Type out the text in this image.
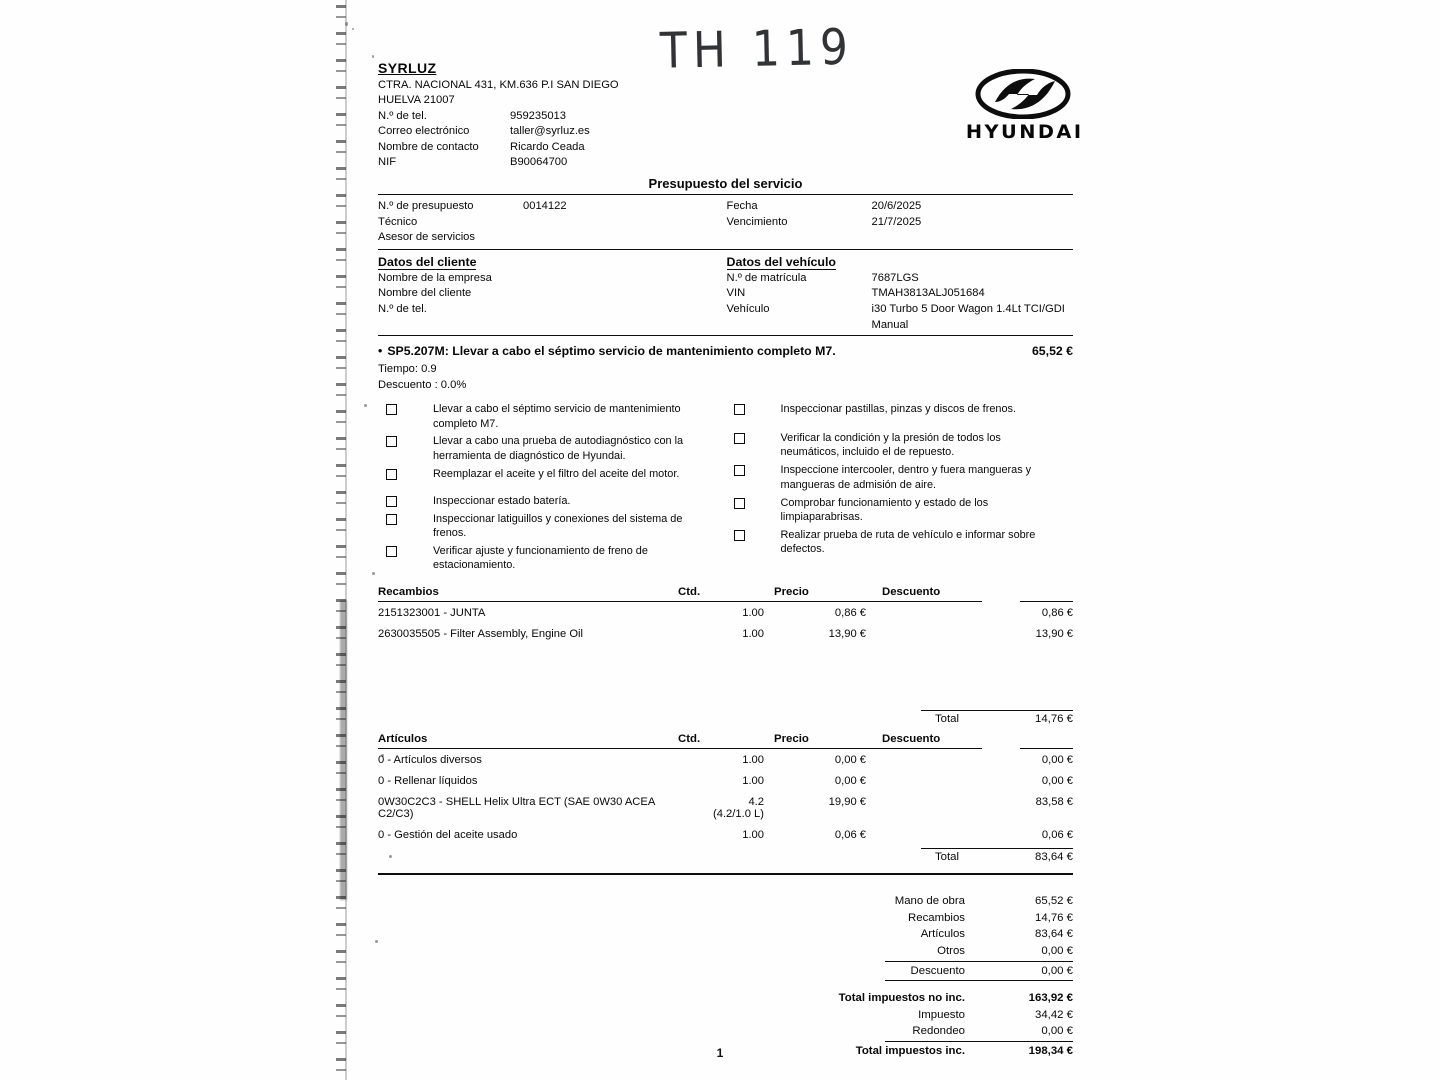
TH 119
SYRLUZ
CTRA. NACIONAL 431, KM.636 P.I SAN DIEGO
HUELVA 21007
N.º de tel.	959235013
Correo electrónico	taller@syrluz.es
Nombre de contacto	Ricardo Ceada
NIF	B90064700
HYUNDAI
Presupuesto del servicio
N.º de presupuesto	0014122
Técnico
Asesor de servicios
Fecha	20/6/2025
Vencimiento	21/7/2025
Datos del cliente
Nombre de la empresa
Nombre del cliente
N.º de tel.
Datos del vehículo
N.º de matrícula	7687LGS
VIN	TMAH3813ALJ051684
Vehículo	i30 Turbo 5 Door Wagon 1.4Lt TCI/GDI Manual
• SP5.207M: Llevar a cabo el séptimo servicio de mantenimiento completo M7.	65,52 €
Tiempo: 0.9
Descuento : 0.0%
Llevar a cabo el séptimo servicio de mantenimiento completo M7.
Llevar a cabo una prueba de autodiagnóstico con la herramienta de diagnóstico de Hyundai.
Reemplazar el aceite y el filtro del aceite del motor.
Inspeccionar estado batería.
Inspeccionar latiguillos y conexiones del sistema de frenos.
Verificar ajuste y funcionamiento de freno de estacionamiento.
Inspeccionar pastillas, pinzas y discos de frenos.
Verificar la condición y la presión de todos los neumáticos, incluido el de repuesto.
Inspeccione intercooler, dentro y fuera mangueras y mangueras de admisión de aire.
Comprobar funcionamiento y estado de los limpiaparabrisas.
Realizar prueba de ruta de vehículo e informar sobre defectos.
Recambios	Ctd.	Precio	Descuento		

2151323001 - JUNTA	1.00	0,86 €			0,86 €
2630035505 - Filter Assembly, Engine Oil	1.00	13,90 €			13,90 €
Total	14,76 €
Artículos	Ctd.	Precio	Descuento		

0 - Artículos diversos	1.00	0,00 €			0,00 €
0 - Rellenar líquidos	1.00	0,00 €			0,00 €
0W30C2C3 - SHELL Helix Ultra ECT (SAE 0W30 ACEA C2/C3)	4.2
(4.2/1.0 L)	19,90 €			83,58 €
0 - Gestión del aceite usado	1.00	0,06 €			0,06 €
Total	83,64 €
Mano de obra	65,52 €
Recambios	14,76 €
Artículos	83,64 €
Otros	0,00 €
Descuento	0,00 €
Total impuestos no inc.	163,92 €
Impuesto	34,42 €
Redondeo	0,00 €
Total impuestos inc.	198,34 €
1
